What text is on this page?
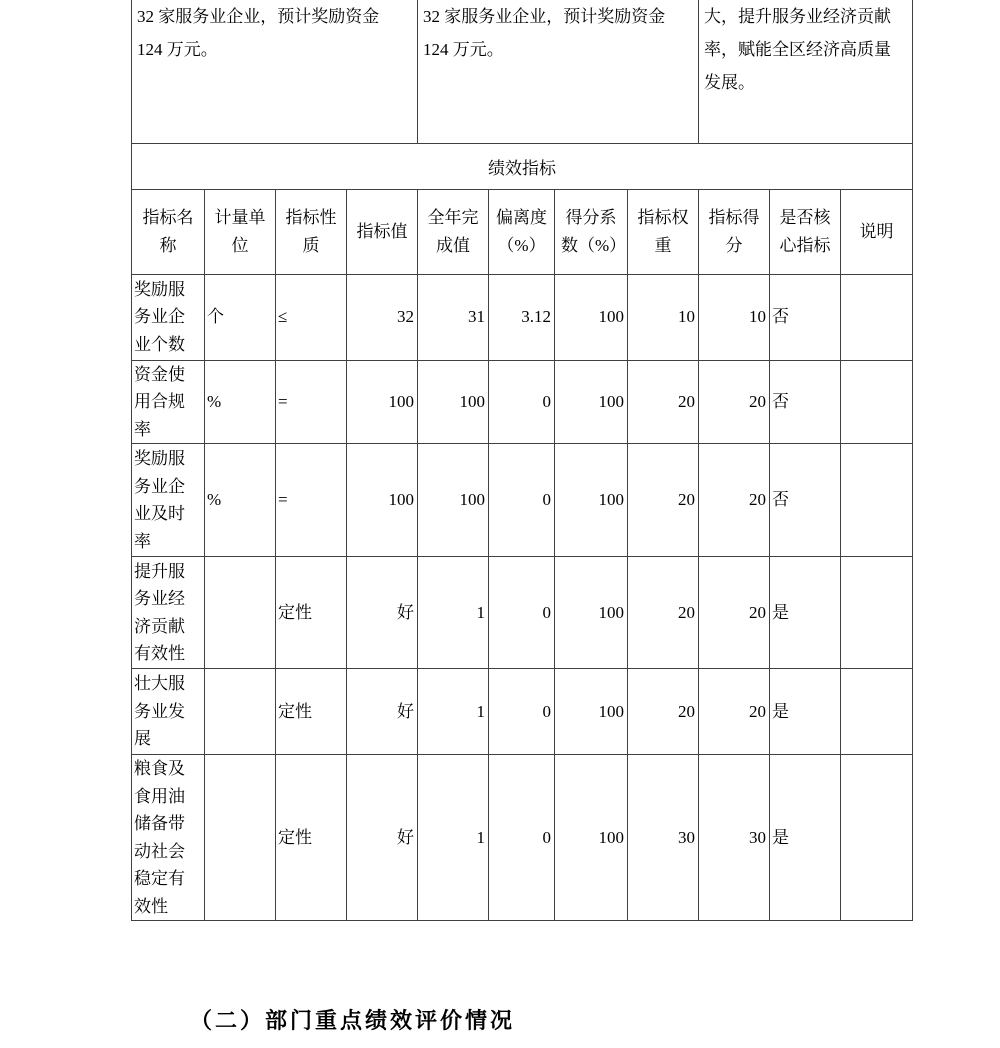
32 家服务业企业，预计奖励资金 124 万元。				32 家服务业企业，预计奖励资金 124 万元。				大，提升服务业经济贡献率，赋能全区经济高质量发展。		
绩效指标										
指标名称	计量单位	指标性质	指标值	全年完成值	偏离度（%）	得分系数（%）	指标权重	指标得分	是否核心指标	说明
奖励服务业企业个数	个	≤	32	31	3.12	100	10	10	否	
资金使用合规率	%	=	100	100	0	100	20	20	否	
奖励服务业企业及时率	%	=	100	100	0	100	20	20	否	
提升服务业经济贡献有效性		定性	好	1	0	100	20	20	是	
壮大服务业发展		定性	好	1	0	100	20	20	是	
粮食及食用油储备带动社会稳定有效性		定性	好	1	0	100	30	30	是	
（二）部门重点绩效评价情况
